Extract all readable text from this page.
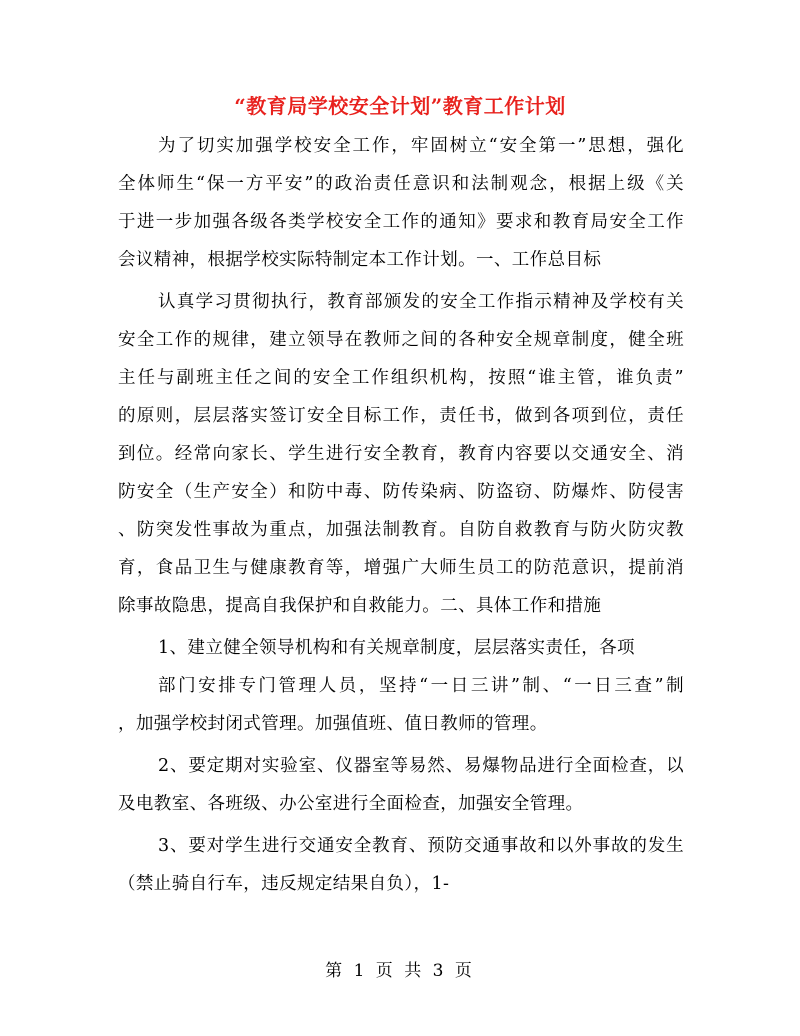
“教育局学校安全计划”教育工作计划
为了切实加强学校安全工作，牢固树立“安全第一”思想，强化
全体师生“保一方平安”的政治责任意识和法制观念，根据上级《关
于进一步加强各级各类学校安全工作的通知》要求和教育局安全工作
会议精神，根据学校实际特制定本工作计划。一、工作总目标
认真学习贯彻执行，教育部颁发的安全工作指示精神及学校有关
安全工作的规律，建立领导在教师之间的各种安全规章制度，健全班
主任与副班主任之间的安全工作组织机构，按照“谁主管，谁负责”
的原则，层层落实签订安全目标工作，责任书，做到各项到位，责任
到位。经常向家长、学生进行安全教育，教育内容要以交通安全、消
防安全（生产安全）和防中毒、防传染病、防盗窃、防爆炸、防侵害
、防突发性事故为重点，加强法制教育。自防自救教育与防火防灾教
育，食品卫生与健康教育等，增强广大师生员工的防范意识，提前消
除事故隐患，提高自我保护和自救能力。二、具体工作和措施
1、建立健全领导机构和有关规章制度，层层落实责任，各项
部门安排专门管理人员，坚持“一日三讲”制、“一日三查”制
，加强学校封闭式管理。加强值班、值日教师的管理。
2、要定期对实验室、仪器室等易然、易爆物品进行全面检查，以
及电教室、各班级、办公室进行全面检查，加强安全管理。
3、要对学生进行交通安全教育、预防交通事故和以外事故的发生
（禁止骑自行车，违反规定结果自负），1-
第 1 页 共 3 页
